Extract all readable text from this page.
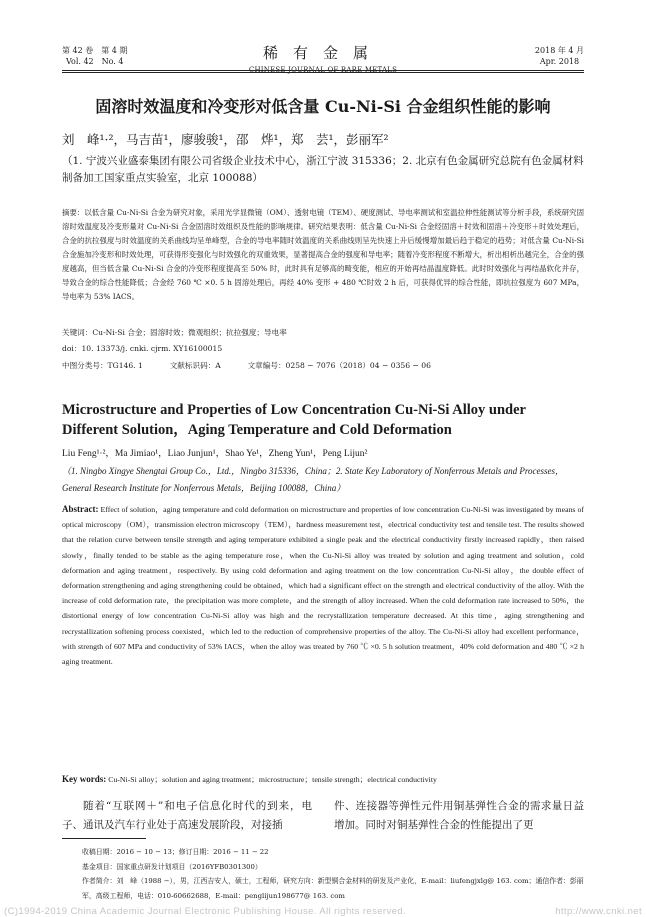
第 42 卷　第 4 期
Vol. 42　No. 4	稀有金属
CHINESE JOURNAL OF RARE METALS
2018 年 4 月
Apr. 2018
固溶时效温度和冷变形对低含量 Cu-Ni-Si 合金组织性能的影响
刘　峰¹·²，马吉苗¹，廖骏骏¹，邵　烨¹，郑　芸¹，彭丽军²
（1. 宁波兴业盛泰集团有限公司省级企业技术中心，浙江宁波 315336；2. 北京有色金属研究总院有色金属材料制备加工国家重点实验室，北京 100088）
摘要：以低含量 Cu-Ni-Si 合金为研究对象，采用光学显微镜（OM）、透射电镜（TEM）、硬度测试、导电率测试和室温拉伸性能测试等分析手段，系统研究固溶时效温度及冷变形量对 Cu-Ni-Si 合金固溶时效组织及性能的影响规律。研究结果表明：低含量 Cu-Ni-Si 合金经固溶＋时效和固溶＋冷变形＋时效处理后，合金的抗拉强度与时效温度的关系曲线均呈单峰型，合金的导电率随时效温度的关系曲线则呈先快速上升后缓慢增加最后趋于稳定的趋势；对低含量 Cu-Ni-Si 合金施加冷变形和时效处理，可获得形变强化与时效强化的双重效果，显著提高合金的强度和导电率；随着冷变形程度不断增大，析出相析出越完全，合金的强度越高，但当低含量 Cu-Ni-Si 合金的冷变形程度提高至 50% 时，此时具有足够高的畸变能，相应的开始再结晶温度降低。此时时效强化与再结晶软化并存，导致合金的综合性能降低；合金经 760 ℃ ×0. 5 h 固溶处理后，再经 40% 变形 + 480 ℃时效 2 h 后，可获得优异的综合性能，即抗拉强度为 607 MPa，导电率为 53% IACS。
关键词：Cu-Ni-Si 合金；固溶时效；微观组织；抗拉强度；导电率
doi：10. 13373/j. cnki. cjrm. XY16100015
中图分类号：TG146. 1	文献标识码：A	文章编号：0258 − 7076（2018）04 − 0356 − 06
Microstructure and Properties of Low Concentration Cu-Ni-Si Alloy under Different Solution，Aging Temperature and Cold Deformation
Liu Feng¹·²，Ma Jimiao¹，Liao Junjun¹，Shao Ye¹，Zheng Yun¹，Peng Lijun²
（1. Ningbo Xingye Shengtai Group Co.，Ltd.，Ningbo 315336，China；2. State Key Laboratory of Nonferrous Metals and Processes，General Research Institute for Nonferrous Metals，Beijing 100088，China）
Abstract: Effect of solution，aging temperature and cold deformation on microstructure and properties of low concentration Cu-Ni-Si was investigated by means of optical microscopy（OM），transmission electron microscopy（TEM），hardness measurement test，electrical conductivity test and tensile test. The results showed that the relation curve between tensile strength and aging temperature exhibited a single peak and the electrical conductivity firstly increased rapidly，then raised slowly，finally tended to be stable as the aging temperature rose，when the Cu-Ni-Si alloy was treated by solution and aging treatment and solution，cold deformation and aging treatment，respectively. By using cold deformation and aging treatment on the low concentration Cu-Ni-Si alloy，the double effect of deformation strengthening and aging strengthening could be obtained，which had a significant effect on the strength and electrical conductivity of the alloy. With the increase of cold deformation rate，the precipitation was more complete，and the strength of alloy increased. When the cold deformation rate increased to 50%，the distortional energy of low concentration Cu-Ni-Si alloy was high and the recrystallization temperature decreased. At this time，aging strengthening and recrystallization softening process coexisted，which led to the reduction of comprehensive properties of the alloy. The Cu-Ni-Si alloy had excellent performance，with strength of 607 MPa and conductivity of 53% IACS，when the alloy was treated by 760 ℃ ×0. 5 h solution treatment，40% cold deformation and 480 ℃ ×2 h aging treatment.
Key words: Cu-Ni-Si alloy；solution and aging treatment；microstructure；tensile strength；electrical conductivity
随着“互联网＋”和电子信息化时代的到来，电子、通讯及汽车行业处于高速发展阶段，对接插
件、连接器等弹性元件用铜基弹性合金的需求量日益增加。同时对铜基弹性合金的性能提出了更
收稿日期：2016 − 10 − 13；修订日期：2016 − 11 − 22
基金项目：国家重点研发计划项目（2016YFB0301300）
作者简介：刘　峰（1988 −），男，江西吉安人，硕士，工程师，研究方向：新型铜合金材料的研发及产业化，E-mail：liufengjxlg@ 163. com；通信作者：彭丽军，高级工程师，电话：010-60662688，E-mail：penglijun198677@ 163. com
(C)1994-2019 China Academic Journal Electronic Publishing House. All rights reserved.	http://www.cnki.net
